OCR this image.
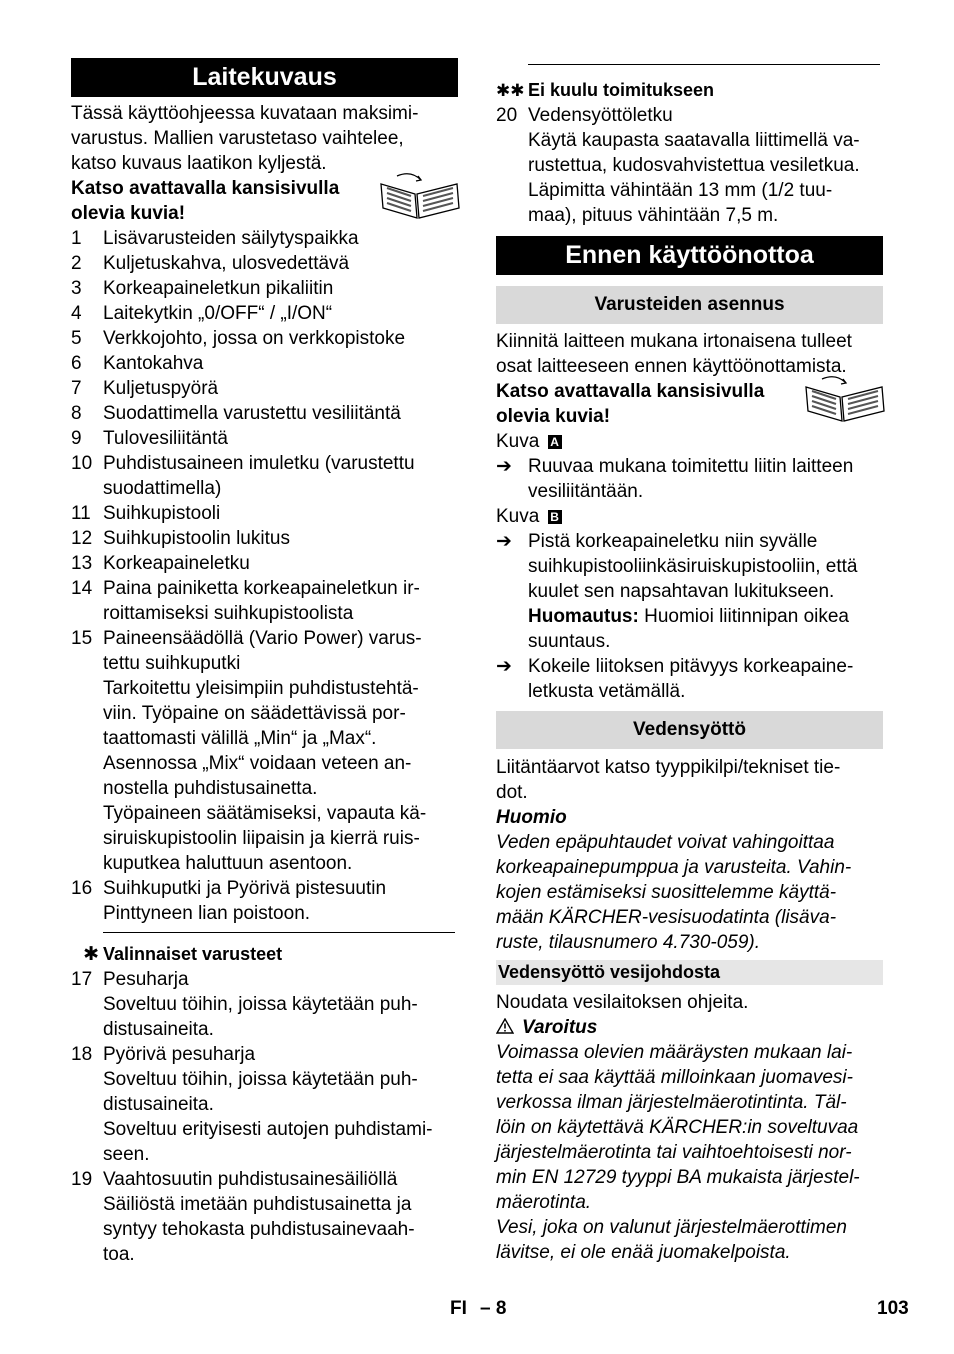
Laitekuvaus

Tässä käyttöohjeessa kuvataan maksimi-

varustus. Mallien varustetaso vaihtelee,

katso kuvaus laatikon kyljestä.

Katso avattavalla kansisivulla

olevia kuvia!

1	Lisävarusteiden säilytyspaikka
2	Kuljetuskahva, ulosvedettävä
3	Korkeapaineletkun pikaliitin
4	Laitekytkin „0/OFF“ / „I/ON“
5	Verkkojohto, jossa on verkkopistoke
6	Kantokahva
7	Kuljetuspyörä
8	Suodattimella varustettu vesiliitäntä
9	Tulovesiliitäntä
10 Puhdistusaineen imuletku (varustettu
suodattimella)
11 Suihkupistooli
12 Suihkupistoolin lukitus
13 Korkeapaineletku
14 Paina painiketta korkeapaineletkun ir-
roittamiseksi suihkupistoolista
15 Paineensäädöllä (Vario Power) varus-
tettu suihkuputki
Tarkoitettu yleisimpiin puhdistustehtä-
viin. Työpaine on säädettävissä por-
taattomasti välillä „Min“ ja „Max“.
Asennossa „Mix“ voidaan veteen an-
nostella puhdistusainetta.
Työpaineen säätämiseksi, vapauta kä-
siruiskupistoolin liipaisin ja kierrä ruis-
kuputkea haluttuun asentoon.
16 Suihkuputki ja Pyörivä pistesuutin
Pinttyneen lian poistoon.
✱ Valinnaiset varusteet
17 Pesuharja
Soveltuu töihin, joissa käytetään puh-
distusaineita.
18 Pyörivä pesuharja
Soveltuu töihin, joissa käytetään puh-
distusaineita.
Soveltuu erityisesti autojen puhdistami-
seen.
19 Vaahtosuutin puhdistusainesäiliöllä
Säiliöstä imetään puhdistusainetta ja
syntyy tehokasta puhdistusainevaah-
toa.
✱✱ Ei kuulu toimitukseen
20 Vedensyöttöletku
Käytä kaupasta saatavalla liittimellä va-
rustettua, kudosvahvistettua vesiletkua.
Läpimitta vähintään 13 mm (1/2 tuu-
maa), pituus vähintään 7,5 m.
Ennen käyttöönottoa
Varusteiden asennus

Kiinnitä laitteen mukana irtonaisena tulleet

osat laitteeseen ennen käyttöönottamista.

Katso avattavalla kansisivulla

olevia kuvia!

Kuva A

➔ Ruuvaa mukana toimitettu liitin laitteen
vesiliitäntään.

Kuva B

➔ Pistä korkeapaineletku niin syvälle
suihkupistooliinkäsiruiskupistooliin, että
kuulet sen napsahtavan lukitukseen.
Huomautus: Huomioi liitinnipan oikea
suuntaus.
➔ Kokeile liitoksen pitävyys korkeapaine-
letkusta vetämällä.
Vedensyöttö

Liitäntäarvot katso tyyppikilpi/tekniset tie-

dot.

Huomio

Veden epäpuhtaudet voivat vahingoittaa

korkeapainepumppua ja varusteita. Vahin-

kojen estämiseksi suosittelemme käyttä-

mään KÄRCHER-vesisuodatinta (lisäva-

ruste, tilausnumero 4.730-059).

Vedensyöttö vesijohdosta

Noudata vesilaitoksen ohjeita.

Varoitus

Voimassa olevien määräysten mukaan lai-

tetta ei saa käyttää milloinkaan juomavesi-

verkossa ilman järjestelmäerotintinta. Täl-

löin on käytettävä KÄRCHER:in soveltuvaa

järjestelmäerotinta tai vaihtoehtoisesti nor-

min EN 12729 tyyppi BA mukaista järjestel-

mäerotinta.

Vesi, joka on valunut järjestelmäerottimen

lävitse, ei ole enää juomakelpoista.

FI – 8	103
